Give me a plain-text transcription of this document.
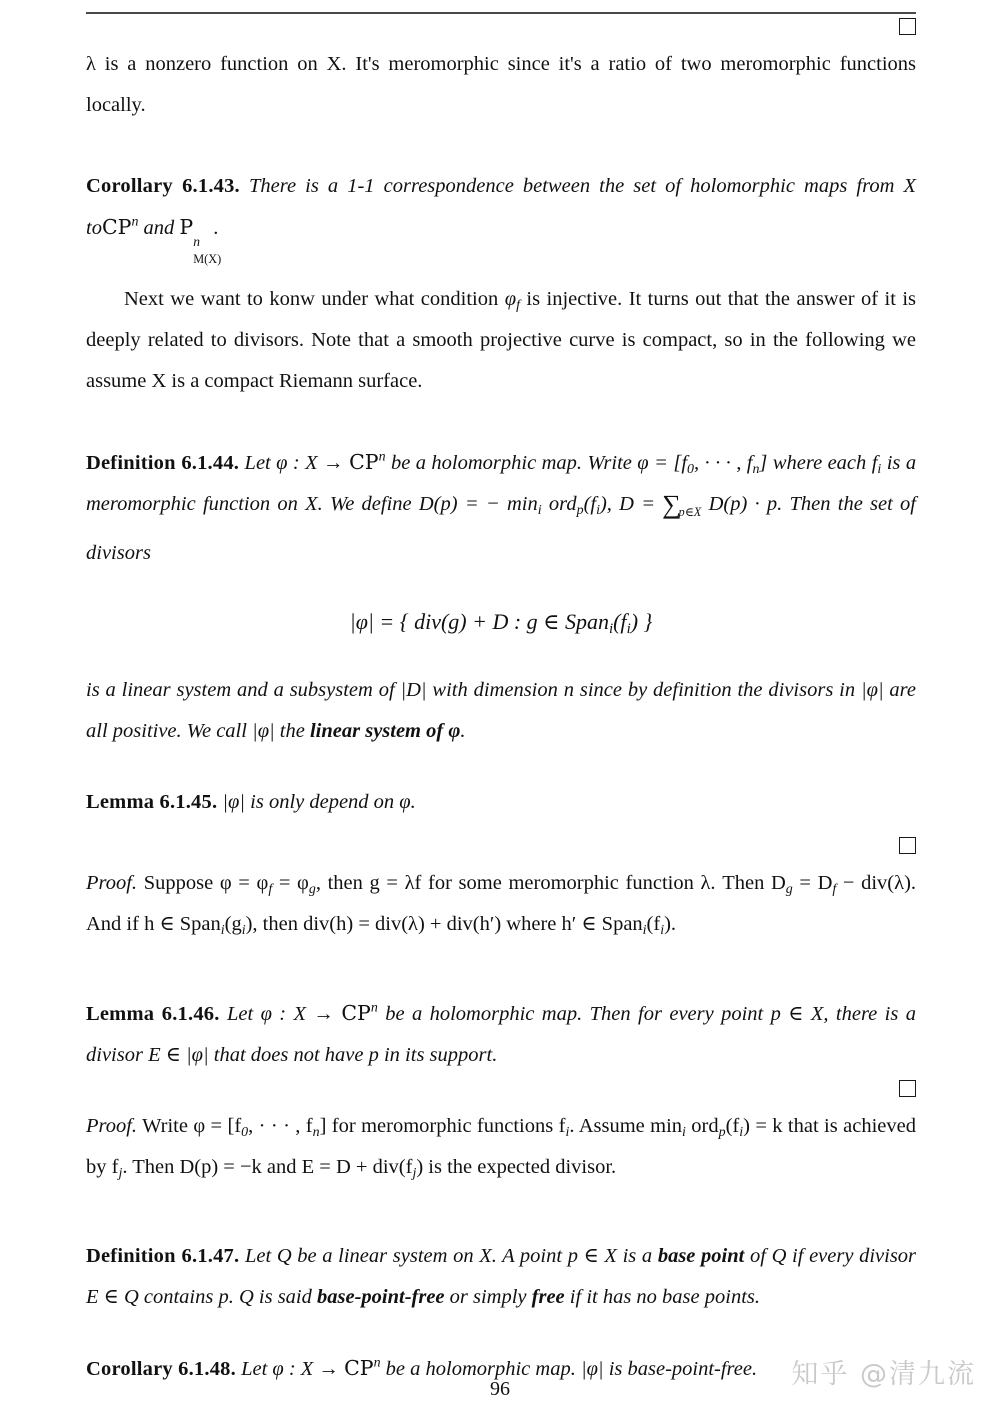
λ is a nonzero function on X. It's meromorphic since it's a ratio of two meromorphic functions locally.
Corollary 6.1.43. There is a 1-1 correspondence between the set of holomorphic maps from X toCP$^n$ and P
n
M(X)
.
Next we want to konw under what condition $\varphi_f$ is injective. It turns out that the answer of it is deeply related to divisors. Note that a smooth projective curve is compact, so in the following we assume X is a compact Riemann surface.
Definition 6.1.44. Let φ : $X \to CP^n$ be a holomorphic map. Write $\varphi = [f_0$, · · · , $f_n$] where each $f_i$ is a meromorphic function on X. We define D(p) = − $\min_i ord_p(f_i)$, $D = \sum_{p\in X}$ D(p) · p. Then the set of divisors
|φ| = { div(g) + D : g ∈ $Span_i(f_i)$ }
is a linear system and a subsystem of |D| with dimension n since by definition the divisors in |φ| are all positive. We call |φ| the linear system of φ.
Lemma 6.1.45. |φ| is only depend on φ.
Proof. Suppose $\varphi = \varphi_f = \varphi_g$, then g = λf for some meromorphic function λ. Then $D_g = D_f - div(\lambda)$. And if h ∈ $Span_i(g_i)$, then div(h) = div(λ) + div(h′) where h′ ∈ $Span_i(f_i)$.
Lemma 6.1.46. Let φ : $X \to CP^n$ be a holomorphic map. Then for every point p ∈ X, there is a divisor E ∈ |φ| that does not have p in its support.
Proof. Write $\varphi = [f_0$, · · · , $f_n$] for meromorphic functions $f_i$. Assume $\min_i ord_p(f_i) = k$ that is achieved by $f_j$. Then D(p) = −k and $E = D + div(f_j)$ is the expected divisor.
Definition 6.1.47. Let Q be a linear system on X. A point p ∈ X is a base point of Q if every divisor E ∈ Q contains p. Q is said base-point-free or simply free if it has no base points.
Corollary 6.1.48. Let φ : $X \to CP^n$ be a holomorphic map. |φ| is base-point-free.
96	知乎 @清九流
